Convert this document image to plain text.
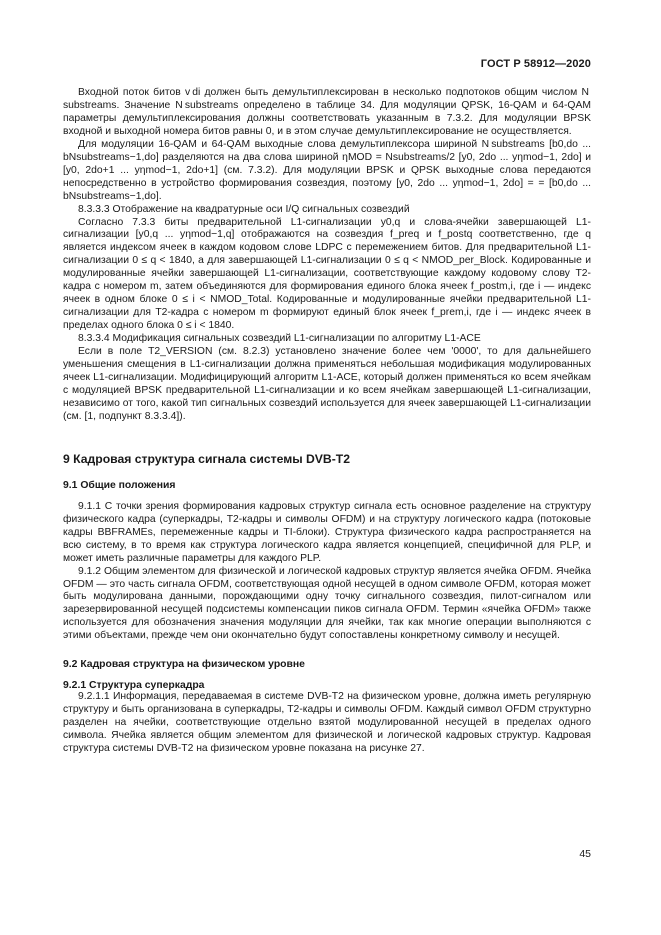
ГОСТ Р 58912—2020

Входной поток битов v di должен быть демультиплексирован в несколько подпотоков общим числом N substreams. Значение N substreams определено в таблице 34. Для модуляции QPSK, 16-QAM и 64-QAM параметры демультиплексирования должны соответствовать указанным в 7.3.2. Для модуляции BPSK входной и выходной номера битов равны 0, и в этом случае демультиплексирование не осуществляется.

Для модуляции 16-QAM и 64-QAM выходные слова демультиплексора шириной N substreams [b0,do ... bNsubstreams−1,do] разделяются на два слова шириной ηMOD = Nsubstreams/2 [y0, 2do ... yηmod−1, 2do] и [y0, 2do+1 ... yηmod−1, 2do+1] (см. 7.3.2). Для модуляции BPSK и QPSK выходные слова передаются непосредственно в устройство формирования созвездия, поэтому [y0, 2do ... yηmod−1, 2do] = = [b0,do ... bNsubstreams−1,do].

8.3.3.3 Отображение на квадратурные оси I/Q сигнальных созвездий

Согласно 7.3.3 биты предварительной L1-сигнализации y0,q и слова-ячейки завершающей L1-сигнализации [y0,q ... yηmod−1,q] отображаются на созвездия f_preq и f_postq соответственно, где q является индексом ячеек в каждом кодовом слове LDPC с перемежением битов. Для предварительной L1-сигнализации 0 ≤ q < 1840, а для завершающей L1-сигнализации 0 ≤ q < NMOD_per_Block. Кодированные и модулированные ячейки завершающей L1-сигнализации, соответствующие каждому кодовому слову Т2-кадра с номером m, затем объединяются для формирования единого блока ячеек f_postm,i, где i — индекс ячеек в одном блоке 0 ≤ i < NMOD_Total. Кодированные и модулированные ячейки предварительной L1-сигнализации для Т2-кадра с номером m формируют единый блок ячеек f_prem,i, где i — индекс ячеек в пределах одного блока 0 ≤ i < 1840.

8.3.3.4 Модификация сигнальных созвездий L1-сигнализации по алгоритму L1-ACE

Если в поле T2_VERSION (см. 8.2.3) установлено значение более чем '0000', то для дальнейшего уменьшения смещения в L1-сигнализации должна применяться небольшая модификация модулированных ячеек L1-сигнализации. Модифицирующий алгоритм L1-ACE, который должен применяться ко всем ячейкам с модуляцией BPSK предварительной L1-сигнализации и ко всем ячейкам завершающей L1-сигнализации, независимо от того, какой тип сигнальных созвездий используется для ячеек завершающей L1-сигнализации (см. [1, подпункт 8.3.3.4]).

9 Кадровая структура сигнала системы DVB-T2
9.1 Общие положения

9.1.1 С точки зрения формирования кадровых структур сигнала есть основное разделение на структуру физического кадра (суперкадры, Т2-кадры и символы OFDM) и на структуру логического кадра (потоковые кадры BBFRAMEs, перемеженные кадры и TI-блоки). Структура физического кадра распространяется на всю систему, в то время как структура логического кадра является концепцией, специфичной для PLP, и может иметь различные параметры для каждого PLP.

9.1.2 Общим элементом для физической и логической кадровых структур является ячейка OFDM. Ячейка OFDM — это часть сигнала OFDM, соответствующая одной несущей в одном символе OFDM, которая может быть модулирована данными, порождающими одну точку сигнального созвездия, пилот-сигналом или зарезервированной несущей подсистемы компенсации пиков сигнала OFDM. Термин «ячейка OFDM» также используется для обозначения значения модуляции для ячейки, так как многие операции выполняются с этими объектами, прежде чем они окончательно будут сопоставлены конкретному символу и несущей.

9.2 Кадровая структура на физическом уровне
9.2.1 Структура суперкадра

9.2.1.1 Информация, передаваемая в системе DVB-T2 на физическом уровне, должна иметь регулярную структуру и быть организована в суперкадры, Т2-кадры и символы OFDM. Каждый символ OFDM структурно разделен на ячейки, соответствующие отдельно взятой модулированной несущей в пределах одного символа. Ячейка является общим элементом для физической и логической кадровых структур. Кадровая структура системы DVB-T2 на физическом уровне показана на рисунке 27.

45
